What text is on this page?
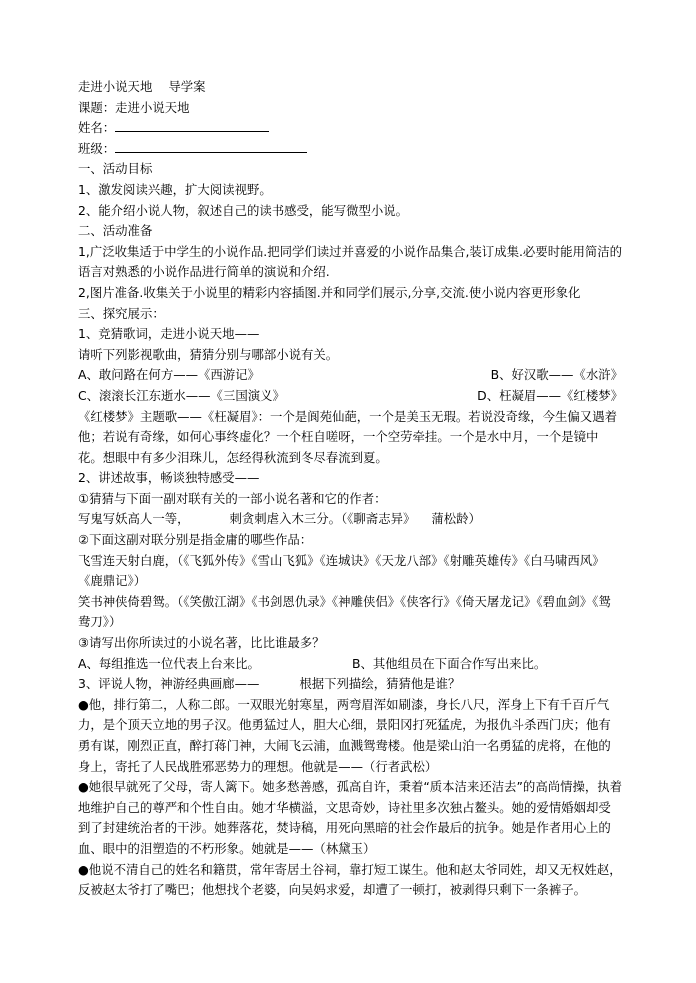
走进小说天地 导学案
课题：走进小说天地
姓名：
班级：
一、活动目标
1、激发阅读兴趣，扩大阅读视野。
2、能介绍小说人物，叙述自己的读书感受，能写微型小说。
二、活动准备
1,广泛收集适于中学生的小说作品.把同学们读过并喜爱的小说作品集合,装订成集.必要时能用简洁的语言对熟悉的小说作品进行简单的演说和介绍.
2,图片准备.收集关于小说里的精彩内容插图.并和同学们展示,分享,交流.使小说内容更形象化
三、探究展示：
1、竞猜歌词，走进小说天地——
请听下列影视歌曲，猜猜分别与哪部小说有关。
A、敢问路在何方——《西游记》	B、好汉歌——《水浒》
C、滚滚长江东逝水——《三国演义》	D、枉凝眉——《红楼梦》
《红楼梦》主题歌——《枉凝眉》：一个是阆苑仙葩，一个是美玉无瑕。若说没奇缘，今生偏又遇着他；若说有奇缘，如何心事终虚化？一个枉自嗟呀，一个空劳牵挂。一个是水中月，一个是镜中花。想眼中有多少泪珠儿，怎经得秋流到冬尽春流到夏。
2、讲述故事，畅谈独特感受——
①猜猜与下面一副对联有关的一部小说名著和它的作者：
写鬼写妖高人一等，	刺贪刺虐入木三分。（《聊斋志异》 蒲松龄）
②下面这副对联分别是指金庸的哪些作品：
飞雪连天射白鹿，（《飞狐外传》《雪山飞狐》《连城诀》《天龙八部》《射雕英雄传》《白马啸西风》《鹿鼎记》）
笑书神侠倚碧鸳。（《笑傲江湖》《书剑恩仇录》《神雕侠侣》《侠客行》《倚天屠龙记》《碧血剑》《鸳鸯刀》）
③请写出你所读过的小说名著，比比谁最多？
A、每组推选一位代表上台来比。	B、其他组员在下面合作写出来比。
3、评说人物，神游经典画廊——	根据下列描绘，猜猜他是谁？
●他，排行第二，人称二郎。一双眼光射寒星，两弯眉浑如刷漆，身长八尺，浑身上下有千百斤气力，是个顶天立地的男子汉。他勇猛过人，胆大心细，景阳冈打死猛虎，为报仇斗杀西门庆；他有勇有谋，刚烈正直，醉打蒋门神，大闹飞云浦，血溅鸳鸯楼。他是梁山泊一名勇猛的虎将，在他的身上，寄托了人民战胜邪恶势力的理想。他就是——（行者武松）
●她很早就死了父母，寄人篱下。她多愁善感，孤高自许，秉着“质本洁来还洁去”的高尚情操，执着地维护自己的尊严和个性自由。她才华横溢，文思奇妙，诗社里多次独占鳌头。她的爱情婚姻却受到了封建统治者的干涉。她葬落花，焚诗稿，用死向黑暗的社会作最后的抗争。她是作者用心上的血、眼中的泪塑造的不朽形象。她就是——（林黛玉）
●他说不清自己的姓名和籍贯，常年寄居土谷祠，靠打短工谋生。他和赵太爷同姓，却又无权姓赵，反被赵太爷打了嘴巴；他想找个老婆，向吴妈求爱，却遭了一顿打，被剥得只剩下一条裤子。
